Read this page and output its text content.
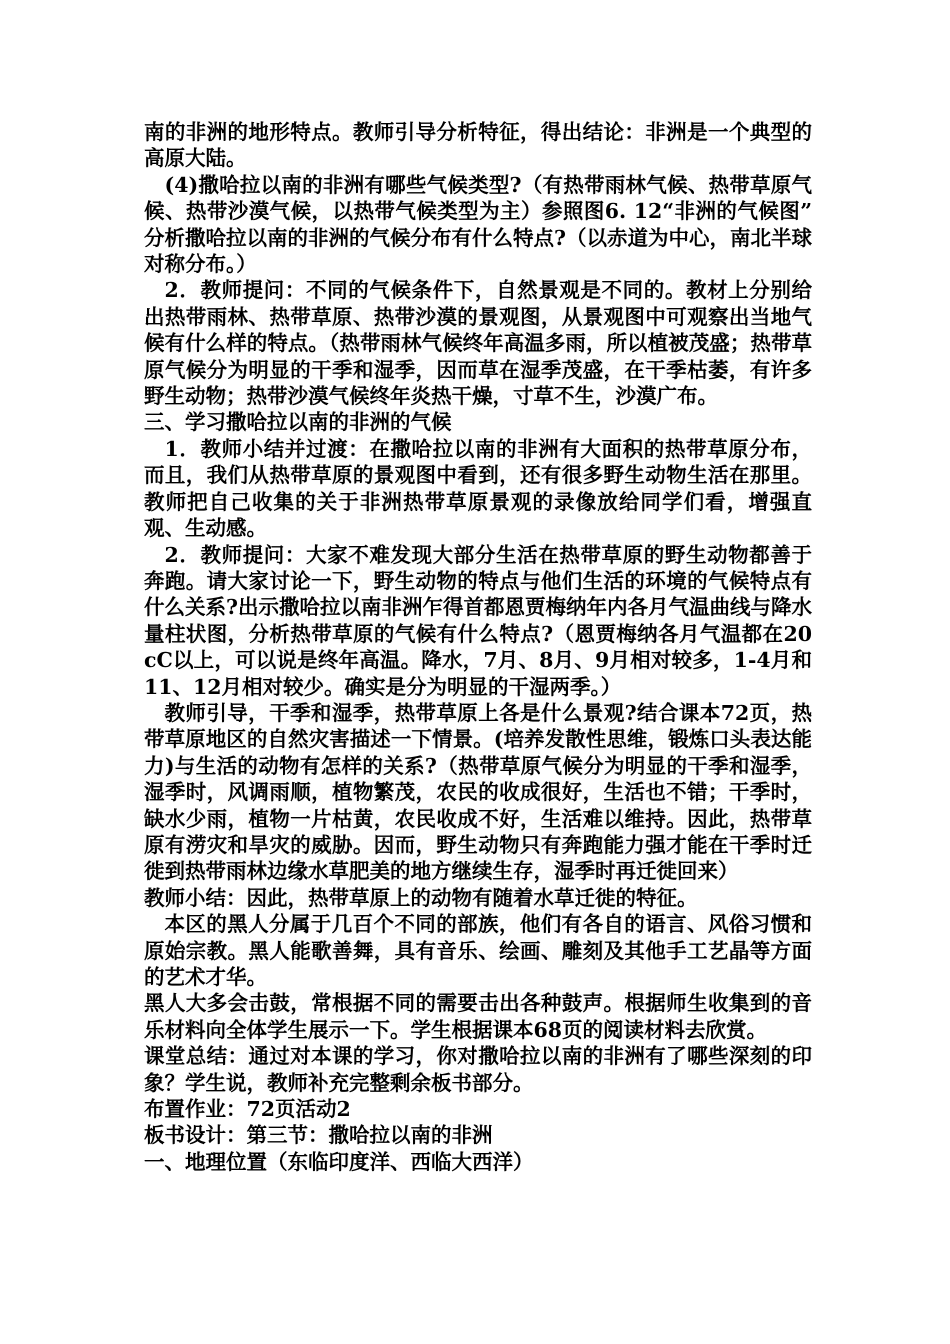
南的非洲的地形特点。教师引导分析特征，得出结论：非洲是一个典型的高原大陆。

(4)撒哈拉以南的非洲有哪些气候类型?（有热带雨林气候、热带草原气候、热带沙漠气候，以热带气候类型为主）参照图6. 12“非洲的气候图” 分析撒哈拉以南的非洲的气候分布有什么特点?（以赤道为中心，南北半球对称分布。）

2．教师提问：不同的气候条件下，自然景观是不同的。教材上分别给出热带雨林、热带草原、热带沙漠的景观图，从景观图中可观察出当地气候有什么样的特点。（热带雨林气候终年高温多雨，所以植被茂盛；热带草原气候分为明显的干季和湿季，因而草在湿季茂盛，在干季枯萎，有许多野生动物；热带沙漠气候终年炎热干燥，寸草不生，沙漠广布。

三、学习撒哈拉以南的非洲的气候

1．教师小结并过渡：在撒哈拉以南的非洲有大面积的热带草原分布，而且，我们从热带草原的景观图中看到，还有很多野生动物生活在那里。教师把自己收集的关于非洲热带草原景观的录像放给同学们看，增强直观、生动感。

2．教师提问：大家不难发现大部分生活在热带草原的野生动物都善于奔跑。请大家讨论一下，野生动物的特点与他们生活的环境的气候特点有什么关系?出示撒哈拉以南非洲乍得首都恩贾梅纳年内各月气温曲线与降水量柱状图，分析热带草原的气候有什么特点?（恩贾梅纳各月气温都在20cC以上，可以说是终年高温。降水，7月、8月、9月相对较多，1-4月和11、12月相对较少。确实是分为明显的干湿两季。）

教师引导，干季和湿季，热带草原上各是什么景观?结合课本72页，热带草原地区的自然灾害描述一下情景。(培养发散性思维，锻炼口头表达能力)与生活的动物有怎样的关系?（热带草原气候分为明显的干季和湿季，湿季时，风调雨顺，植物繁茂，农民的收成很好，生活也不错；干季时，缺水少雨，植物一片枯黄，农民收成不好，生活难以维持。因此，热带草原有涝灾和旱灾的威胁。因而，野生动物只有奔跑能力强才能在干季时迁徙到热带雨林边缘水草肥美的地方继续生存，湿季时再迁徙回来）

教师小结：因此，热带草原上的动物有随着水草迁徙的特征。

本区的黑人分属于几百个不同的部族，他们有各自的语言、风俗习惯和原始宗教。黑人能歌善舞，具有音乐、绘画、雕刻及其他手工艺晶等方面的艺术才华。

黑人大多会击鼓，常根据不同的需要击出各种鼓声。根据师生收集到的音乐材料向全体学生展示一下。学生根据课本68页的阅读材料去欣赏。

课堂总结：通过对本课的学习，你对撒哈拉以南的非洲有了哪些深刻的印象？学生说，教师补充完整剩余板书部分。

布置作业：72页活动2

板书设计：第三节：撒哈拉以南的非洲

一、地理位置（东临印度洋、西临大西洋）
